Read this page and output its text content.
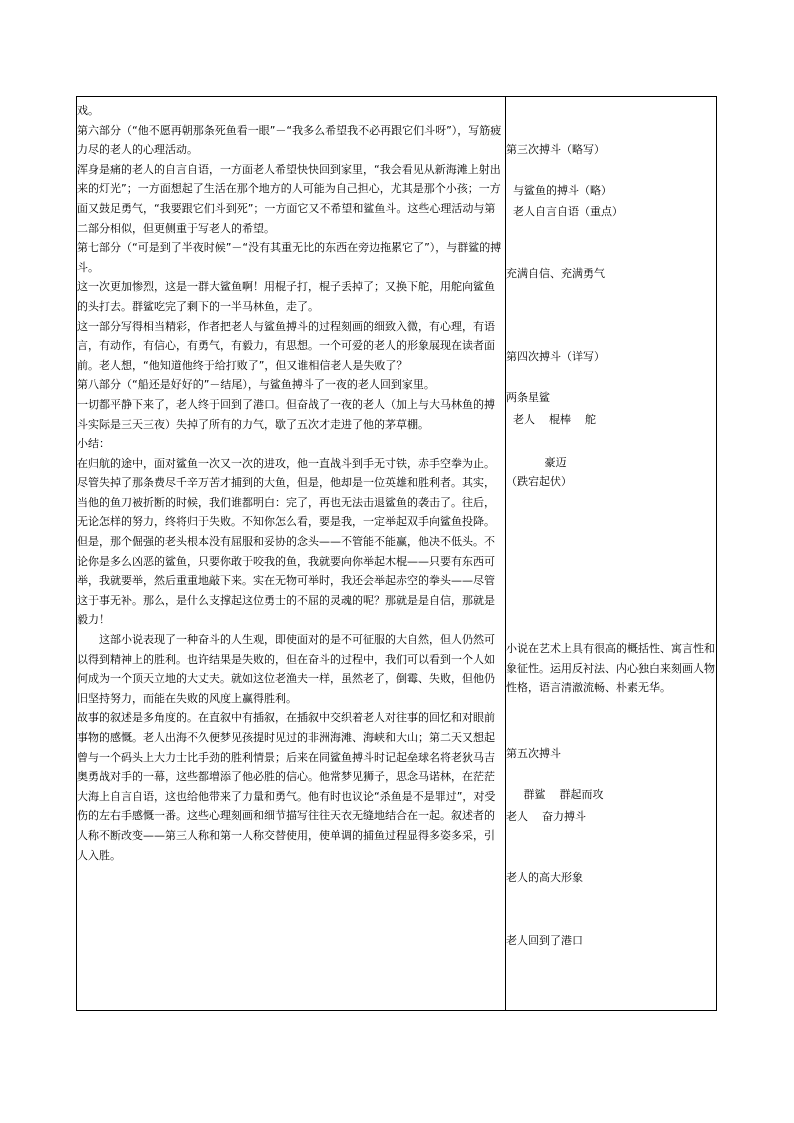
戏。

第六部分（“他不愿再朝那条死鱼看一眼”－“我多么希望我不必再跟它们斗呀”），写筋疲力尽的老人的心理活动。

浑身是痛的老人的自言自语，一方面老人希望快快回到家里，“我会看见从新海滩上射出来的灯光”；一方面想起了生活在那个地方的人可能为自己担心，尤其是那个小孩；一方面又鼓足勇气，“我要跟它们斗到死”；一方面它又不希望和鲨鱼斗。这些心理活动与第二部分相似，但更侧重于写老人的希望。

第七部分（“可是到了半夜时候”－“没有其重无比的东西在旁边拖累它了”），与群鲨的搏斗。

这一次更加惨烈，这是一群大鲨鱼啊！用棍子打，棍子丢掉了；又换下舵，用舵向鲨鱼的头打去。群鲨吃完了剩下的一半马林鱼，走了。

这一部分写得相当精彩，作者把老人与鲨鱼搏斗的过程刻画的细致入微，有心理，有语言，有动作，有信心，有勇气，有毅力，有思想。一个可爱的老人的形象展现在读者面前。老人想，“他知道他终于给打败了”，但又谁相信老人是失败了？

第八部分（“船还是好好的”－结尾），与鲨鱼搏斗了一夜的老人回到家里。

一切都平静下来了，老人终于回到了港口。但奋战了一夜的老人（加上与大马林鱼的搏斗实际是三天三夜）失掉了所有的力气，歇了五次才走进了他的茅草棚。

小结：

在归航的途中，面对鲨鱼一次又一次的进攻，他一直战斗到手无寸铁，赤手空拳为止。尽管失掉了那条费尽千辛万苦才捕到的大鱼，但是，他却是一位英雄和胜利者。其实，当他的鱼刀被折断的时候，我们谁都明白：完了，再也无法击退鲨鱼的袭击了。往后，无论怎样的努力，终将归于失败。不知你怎么看，要是我，一定举起双手向鲨鱼投降。但是，那个倔强的老头根本没有屈服和妥协的念头——不管能不能赢，他决不低头。不论你是多么凶恶的鲨鱼，只要你敢于咬我的鱼，我就要向你举起木棍——只要有东西可举，我就要举，然后重重地敲下来。实在无物可举时，我还会举起赤空的拳头——尽管这于事无补。那么，是什么支撑起这位勇士的不屈的灵魂的呢？那就是是自信，那就是毅力！

这部小说表现了一种奋斗的人生观，即使面对的是不可征服的大自然，但人仍然可以得到精神上的胜利。也许结果是失败的，但在奋斗的过程中，我们可以看到一个人如何成为一个顶天立地的大丈夫。就如这位老渔夫一样，虽然老了，倒霉、失败，但他仍旧坚持努力，而能在失败的风度上赢得胜利。

故事的叙述是多角度的。在直叙中有插叙，在插叙中交织着老人对往事的回忆和对眼前事物的感慨。老人出海不久便梦见孩提时见过的非洲海滩、海峡和大山；第二天又想起曾与一个码头上大力士比手劲的胜利情景；后来在同鲨鱼搏斗时记起垒球名将老狄马吉奥勇战对手的一幕，这些都增添了他必胜的信心。他常梦见狮子，思念马诺林，在茫茫大海上自言自语，这也给他带来了力量和勇气。他有时也议论“杀鱼是不是罪过”，对受伤的左右手感慨一番。这些心理刻画和细节描写往往天衣无缝地结合在一起。叙述者的人称不断改变——第三人称和第一人称交替使用，使单调的捕鱼过程显得多姿多采，引人入胜。

第三次搏斗（略写）
与鲨鱼的搏斗（略）
老人自言自语（重点）
充满自信、充满勇气
第四次搏斗（详写）
两条星鲨
老人    棍棒    舵
豪迈
（跌宕起伏）
小说在艺术上具有很高的概括性、寓言性和象征性。运用反衬法、内心独白来刻画人物性格，语言清澈流畅、朴素无华。
第五次搏斗
群鲨    群起而攻
老人    奋力搏斗
老人的高大形象
老人回到了港口
